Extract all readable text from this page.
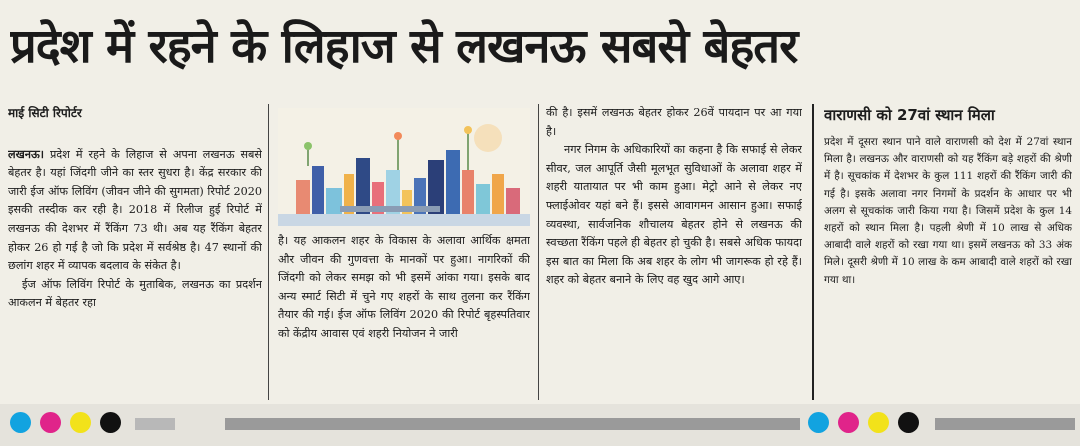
प्रदेश में रहने के लिहाज से लखनऊ सबसे बेहतर
माई सिटी रिपोर्टर

लखनऊ। प्रदेश में रहने के लिहाज से अपना लखनऊ सबसे बेहतर है। यहां जिंदगी जीने का स्तर सुधरा है। केंद्र सरकार की जारी ईज ऑफ लिविंग (जीवन जीने की सुगमता) रिपोर्ट 2020 इसकी तस्दीक कर रही है। 2018 में रिलीज हुई रिपोर्ट में लखनऊ की देशभर में रैंकिंग 73 थी। अब यह रैंकिंग बेहतर होकर 26 हो गई है जो कि प्रदेश में सर्वश्रेष्ठ है। 47 स्थानों की छलांग शहर में व्यापक बदलाव के संकेत है।

ईज ऑफ लिविंग रिपोर्ट के मुताबिक, लखनऊ का प्रदर्शन आकलन में बेहतर रहा

है। यह आकलन शहर के विकास के अलावा आर्थिक क्षमता और जीवन की गुणवत्ता के मानकों पर हुआ। नागरिकों की जिंदगी को लेकर समझ को भी इसमें आंका गया। इसके बाद अन्य स्मार्ट सिटी में चुने गए शहरों के साथ तुलना कर रैंकिंग तैयार की गई। ईज ऑफ लिविंग 2020 की रिपोर्ट बृहस्पतिवार को केंद्रीय आवास एवं शहरी नियोजन ने जारी

की है। इसमें लखनऊ बेहतर होकर 26वें पायदान पर आ गया है।

नगर निगम के अधिकारियों का कहना है कि सफाई से लेकर सीवर, जल आपूर्ति जैसी मूलभूत सुविधाओं के अलावा शहर में शहरी यातायात पर भी काम हुआ। मेट्रो आने से लेकर नए फ्लाईओवर यहां बने हैं। इससे आवागमन आसान हुआ। सफाई व्यवस्था, सार्वजनिक शौचालय बेहतर होने से लखनऊ की स्वच्छता रैंकिंग पहले ही बेहतर हो चुकी है। सबसे अधिक फायदा इस बात का मिला कि अब शहर के लोग भी जागरूक हो रहे हैं। शहर को बेहतर बनाने के लिए वह खुद आगे आए।

वाराणसी को 27वां स्थान मिला

प्रदेश में दूसरा स्थान पाने वाले वाराणसी को देश में 27वां स्थान मिला है। लखनऊ और वाराणसी को यह रैंकिंग बड़े शहरों की श्रेणी में है। सूचकांक में देशभर के कुल 111 शहरों की रैंकिंग जारी की गई है। इसके अलावा नगर निगमों के प्रदर्शन के आधार पर भी अलग से सूचकांक जारी किया गया है। जिसमें प्रदेश के कुल 14 शहरों को स्थान मिला है। पहली श्रेणी में 10 लाख से अधिक आबादी वाले शहरों को रखा गया था। इसमें लखनऊ को 33 अंक मिले। दूसरी श्रेणी में 10 लाख के कम आबादी वाले शहरों को रखा गया था।
